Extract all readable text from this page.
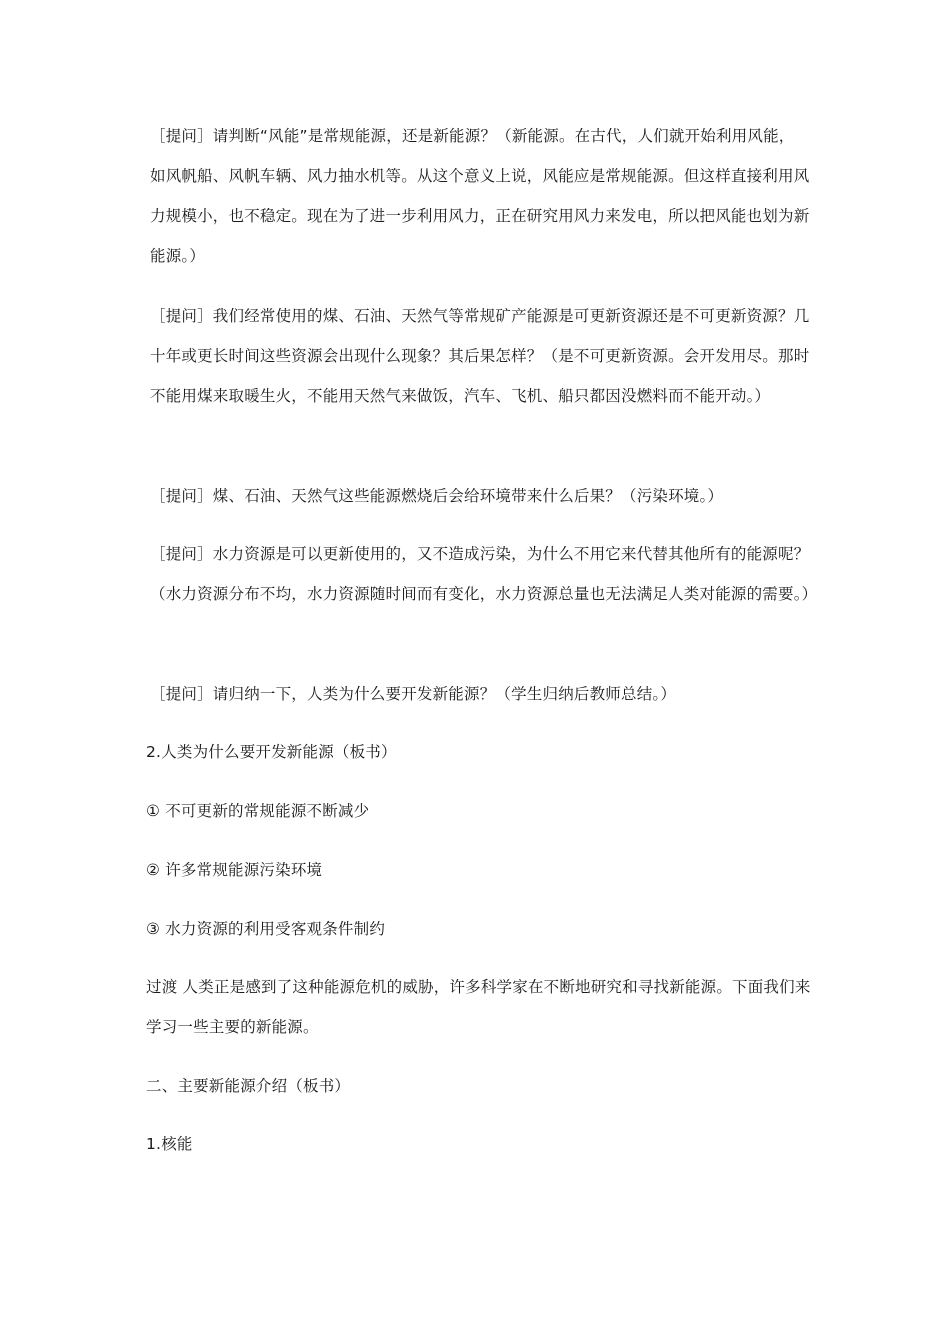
［提问］请判断“风能”是常规能源，还是新能源？（新能源。在古代，人们就开始利用风能，如风帆船、风帆车辆、风力抽水机等。从这个意义上说，风能应是常规能源。但这样直接利用风力规模小，也不稳定。现在为了进一步利用风力，正在研究用风力来发电，所以把风能也划为新能源。）

［提问］我们经常使用的煤、石油、天然气等常规矿产能源是可更新资源还是不可更新资源？几十年或更长时间这些资源会出现什么现象？其后果怎样？（是不可更新资源。会开发用尽。那时不能用煤来取暖生火，不能用天然气来做饭，汽车、飞机、船只都因没燃料而不能开动。）

［提问］煤、石油、天然气这些能源燃烧后会给环境带来什么后果？（污染环境。）

［提问］水力资源是可以更新使用的，又不造成污染，为什么不用它来代替其他所有的能源呢？（水力资源分布不均，水力资源随时间而有变化，水力资源总量也无法满足人类对能源的需要。）

［提问］请归纳一下，人类为什么要开发新能源？（学生归纳后教师总结。）

2.人类为什么要开发新能源（板书）

① 不可更新的常规能源不断减少

② 许多常规能源污染环境

③ 水力资源的利用受客观条件制约

过渡 人类正是感到了这种能源危机的威胁，许多科学家在不断地研究和寻找新能源。下面我们来学习一些主要的新能源。

二、主要新能源介绍（板书）

1.核能
